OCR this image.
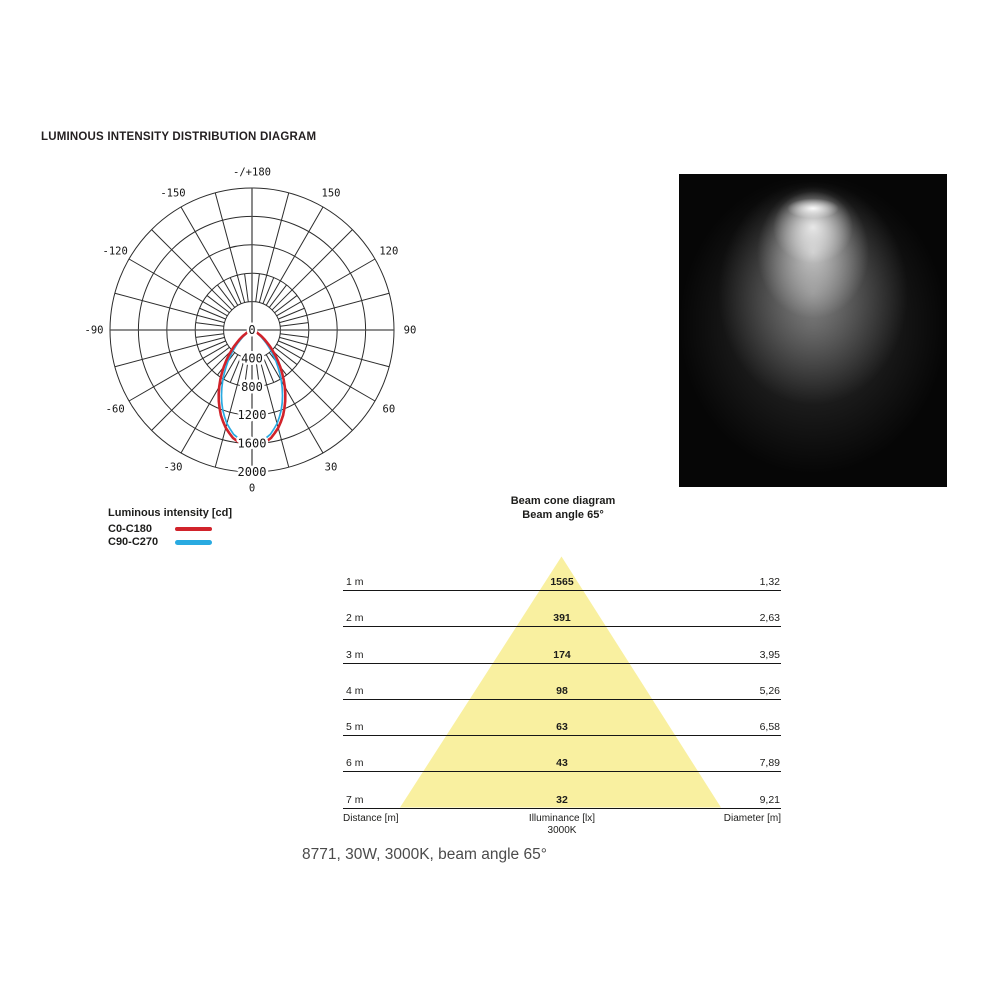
LUMINOUS INTENSITY DISTRIBUTION DIAGRAM
0
400
800
1200
1600
2000
-/+180
150
120
90
60
30
0
-30
-60
-90
-120
-150
Luminous intensity [cd]
C0-C180
C90-C270
Beam cone diagram
Beam angle 65°
1 m	1565	1,32
2 m	391	2,63
3 m	174	3,95
4 m	98	5,26
5 m	63	6,58
6 m	43	7,89
7 m	32	9,21
Distance [m]	Illuminance [lx]
3000K
Diameter [m]
8771, 30W, 3000K, beam angle 65°
